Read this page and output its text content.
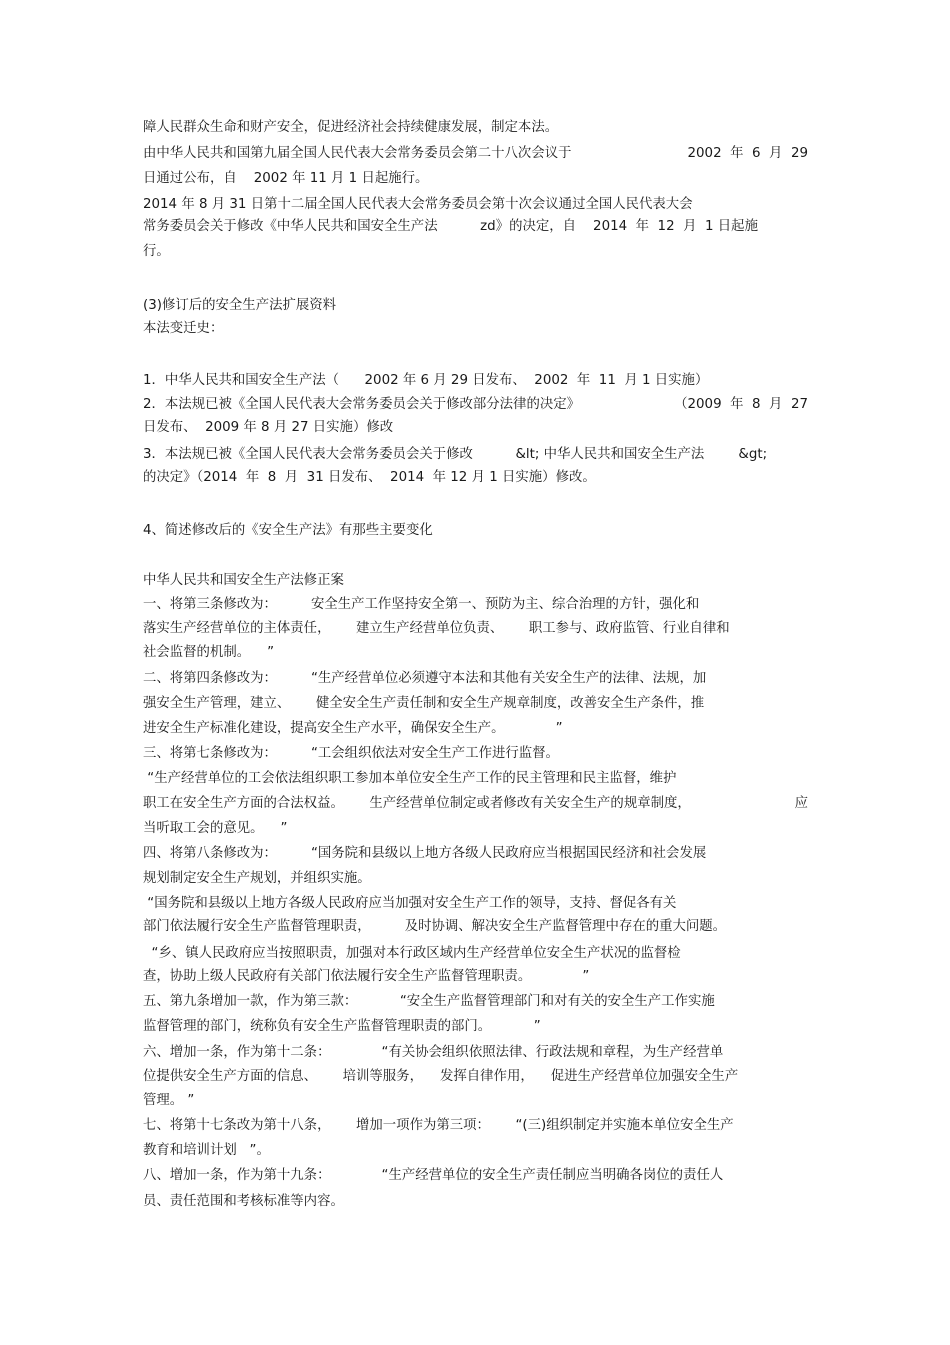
障人民群众生命和财产安全，促进经济社会持续健康发展，制定本法。
由中华人民共和国第九届全国人民代表大会常务委员会第二十八次会议于	2002  年  6  月  29
日通过公布，自    2002 年 11 月 1 日起施行。
2014 年 8 月 31 日第十二届全国人民代表大会常务委员会第十次会议通过全国人民代表大会
常务委员会关于修改《中华人民共和国安全生产法          zd》的决定，自    2014  年  12  月  1 日起施
行。
(3)修订后的安全生产法扩展资料
本法变迁史：
1．中华人民共和国安全生产法（      2002 年 6 月 29 日发布、  2002  年  11  月 1 日实施）
2．本法规已被《全国人民代表大会常务委员会关于修改部分法律的决定》	（2009  年  8  月  27
日发布、  2009 年 8 月 27 日实施）修改
3．本法规已被《全国人民代表大会常务委员会关于修改          &lt; 中华人民共和国安全生产法        &gt;
的决定》（2014  年  8  月  31 日发布、  2014  年 12 月 1 日实施）修改。
4、简述修改后的《安全生产法》有那些主要变化
中华人民共和国安全生产法修正案
一、将第三条修改为：        安全生产工作坚持安全第一、预防为主、综合治理的方针，强化和
落实生产经营单位的主体责任，      建立生产经营单位负责、      职工参与、政府监管、行业自律和
社会监督的机制。    ”
二、将第四条修改为：        “生产经营单位必须遵守本法和其他有关安全生产的法律、法规，加
强安全生产管理，建立、      健全安全生产责任制和安全生产规章制度，改善安全生产条件，推
进安全生产标准化建设，提高安全生产水平，确保安全生产。            ”
三、将第七条修改为：        “工会组织依法对安全生产工作进行监督。
“生产经营单位的工会依法组织职工参加本单位安全生产工作的民主管理和民主监督，维护
职工在安全生产方面的合法权益。      生产经营单位制定或者修改有关安全生产的规章制度，	应
当听取工会的意见。    ”
四、将第八条修改为：        “国务院和县级以上地方各级人民政府应当根据国民经济和社会发展
规划制定安全生产规划，并组织实施。
“国务院和县级以上地方各级人民政府应当加强对安全生产工作的领导，支持、督促各有关
部门依法履行安全生产监督管理职责，        及时协调、解决安全生产监督管理中存在的重大问题。
“乡、镇人民政府应当按照职责，加强对本行政区域内生产经营单位安全生产状况的监督检
查，协助上级人民政府有关部门依法履行安全生产监督管理职责。            ”
五、第九条增加一款，作为第三款：          “安全生产监督管理部门和对有关的安全生产工作实施
监督管理的部门，统称负有安全生产监督管理职责的部门。          ”
六、增加一条，作为第十二条：            “有关协会组织依照法律、行政法规和章程，为生产经营单
位提供安全生产方面的信息、      培训等服务，    发挥自律作用，    促进生产经营单位加强安全生产
管理。 ”
七、将第十七条改为第十八条，      增加一项作为第三项：      “(三)组织制定并实施本单位安全生产
教育和培训计划   ”。
八、增加一条，作为第十九条：            “生产经营单位的安全生产责任制应当明确各岗位的责任人
员、责任范围和考核标准等内容。
